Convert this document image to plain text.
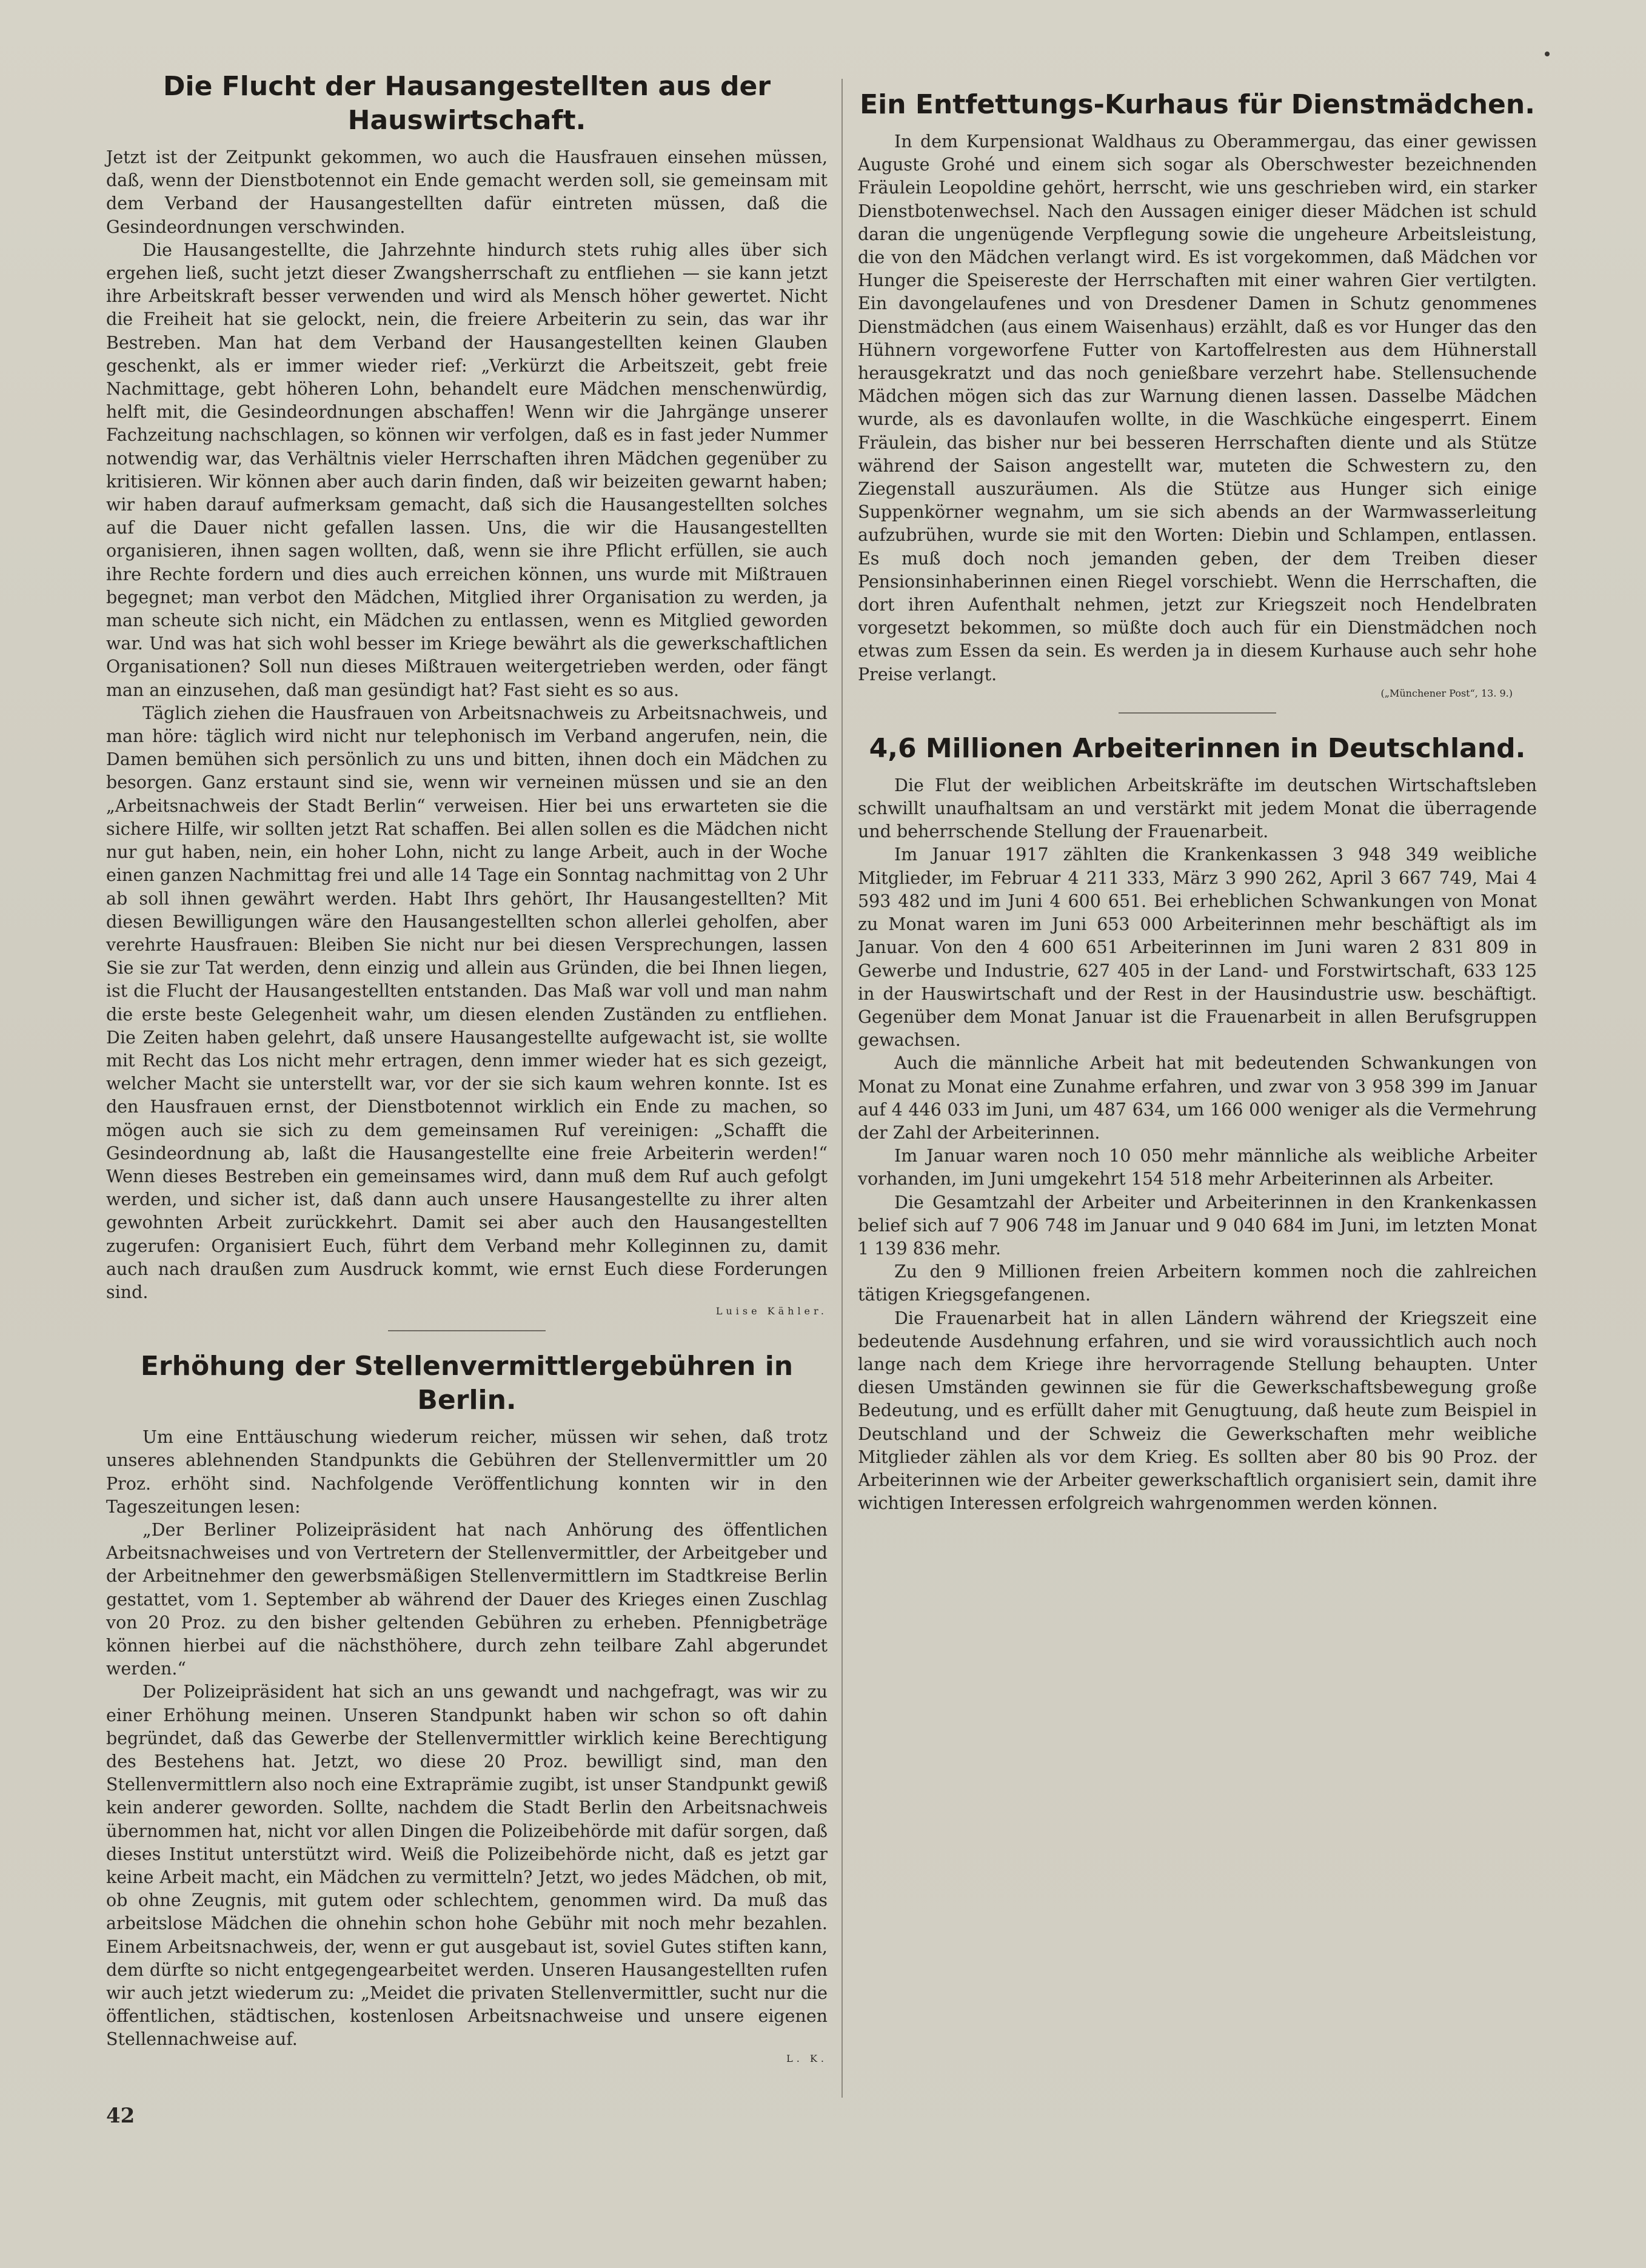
Die Flucht der Hausangestellten aus der Hauswirtschaft.

Jetzt ist der Zeitpunkt gekommen, wo auch die Hausfrauen einsehen müssen, daß, wenn der Dienstbotennot ein Ende gemacht werden soll, sie gemeinsam mit dem Verband der Hausangestellten dafür eintreten müssen, daß die Gesindeordnungen verschwinden.

Die Hausangestellte, die Jahrzehnte hindurch stets ruhig alles über sich ergehen ließ, sucht jetzt dieser Zwangsherrschaft zu entfliehen — sie kann jetzt ihre Arbeitskraft besser verwenden und wird als Mensch höher gewertet. Nicht die Freiheit hat sie gelockt, nein, die freiere Arbeiterin zu sein, das war ihr Bestreben. Man hat dem Verband der Hausangestellten keinen Glauben geschenkt, als er immer wieder rief: „Verkürzt die Arbeitszeit, gebt freie Nachmittage, gebt höheren Lohn, behandelt eure Mädchen menschenwürdig, helft mit, die Gesindeordnungen abschaffen! Wenn wir die Jahrgänge unserer Fachzeitung nachschlagen, so können wir verfolgen, daß es in fast jeder Nummer notwendig war, das Verhältnis vieler Herrschaften ihren Mädchen gegenüber zu kritisieren. Wir können aber auch darin finden, daß wir beizeiten gewarnt haben; wir haben darauf aufmerksam gemacht, daß sich die Hausangestellten solches auf die Dauer nicht gefallen lassen. Uns, die wir die Hausangestellten organisieren, ihnen sagen wollten, daß, wenn sie ihre Pflicht erfüllen, sie auch ihre Rechte fordern und dies auch erreichen können, uns wurde mit Mißtrauen begegnet; man verbot den Mädchen, Mitglied ihrer Organisation zu werden, ja man scheute sich nicht, ein Mädchen zu entlassen, wenn es Mitglied geworden war. Und was hat sich wohl besser im Kriege bewährt als die gewerkschaftlichen Organisationen? Soll nun dieses Mißtrauen weitergetrieben werden, oder fängt man an einzusehen, daß man gesündigt hat? Fast sieht es so aus.

Täglich ziehen die Hausfrauen von Arbeitsnachweis zu Arbeitsnachweis, und man höre: täglich wird nicht nur telephonisch im Verband angerufen, nein, die Damen bemühen sich persönlich zu uns und bitten, ihnen doch ein Mädchen zu besorgen. Ganz erstaunt sind sie, wenn wir verneinen müssen und sie an den „Arbeitsnachweis der Stadt Berlin“ verweisen. Hier bei uns erwarteten sie die sichere Hilfe, wir sollten jetzt Rat schaffen. Bei allen sollen es die Mädchen nicht nur gut haben, nein, ein hoher Lohn, nicht zu lange Arbeit, auch in der Woche einen ganzen Nachmittag frei und alle 14 Tage ein Sonntag nachmittag von 2 Uhr ab soll ihnen gewährt werden. Habt Ihrs gehört, Ihr Hausangestellten? Mit diesen Bewilligungen wäre den Hausangestellten schon allerlei geholfen, aber verehrte Hausfrauen: Bleiben Sie nicht nur bei diesen Versprechungen, lassen Sie sie zur Tat werden, denn einzig und allein aus Gründen, die bei Ihnen liegen, ist die Flucht der Hausangestellten entstanden. Das Maß war voll und man nahm die erste beste Gelegenheit wahr, um diesen elenden Zuständen zu entfliehen. Die Zeiten haben gelehrt, daß unsere Hausangestellte aufgewacht ist, sie wollte mit Recht das Los nicht mehr ertragen, denn immer wieder hat es sich gezeigt, welcher Macht sie unterstellt war, vor der sie sich kaum wehren konnte. Ist es den Hausfrauen ernst, der Dienstbotennot wirklich ein Ende zu machen, so mögen auch sie sich zu dem gemeinsamen Ruf vereinigen: „Schafft die Gesindeordnung ab, laßt die Hausangestellte eine freie Arbeiterin werden!“ Wenn dieses Bestreben ein gemeinsames wird, dann muß dem Ruf auch gefolgt werden, und sicher ist, daß dann auch unsere Hausangestellte zu ihrer alten gewohnten Arbeit zurückkehrt. Damit sei aber auch den Hausangestellten zugerufen: Organisiert Euch, führt dem Verband mehr Kolleginnen zu, damit auch nach draußen zum Ausdruck kommt, wie ernst Euch diese Forderungen sind.

Luise Kähler.
Erhöhung der Stellenvermittlergebühren in Berlin.

Um eine Enttäuschung wiederum reicher, müssen wir sehen, daß trotz unseres ablehnenden Standpunkts die Gebühren der Stellenvermittler um 20 Proz. erhöht sind. Nachfolgende Veröffentlichung konnten wir in den Tageszeitungen lesen:

„Der Berliner Polizeipräsident hat nach Anhörung des öffentlichen Arbeitsnachweises und von Vertretern der Stellenvermittler, der Arbeitgeber und der Arbeitnehmer den gewerbsmäßigen Stellenvermittlern im Stadtkreise Berlin gestattet, vom 1. September ab während der Dauer des Krieges einen Zuschlag von 20 Proz. zu den bisher geltenden Gebühren zu erheben. Pfennigbeträge können hierbei auf die nächsthöhere, durch zehn teilbare Zahl abgerundet werden.“

Der Polizeipräsident hat sich an uns gewandt und nachgefragt, was wir zu einer Erhöhung meinen. Unseren Standpunkt haben wir schon so oft dahin begründet, daß das Gewerbe der Stellenvermittler wirklich keine Berechtigung des Bestehens hat. Jetzt, wo diese 20 Proz. bewilligt sind, man den Stellenvermittlern also noch eine Extraprämie zugibt, ist unser Standpunkt gewiß kein anderer geworden. Sollte, nachdem die Stadt Berlin den Arbeitsnachweis übernommen hat, nicht vor allen Dingen die Polizeibehörde mit dafür sorgen, daß dieses Institut unterstützt wird. Weiß die Polizeibehörde nicht, daß es jetzt gar keine Arbeit macht, ein Mädchen zu vermitteln? Jetzt, wo jedes Mädchen, ob mit, ob ohne Zeugnis, mit gutem oder schlechtem, genommen wird. Da muß das arbeitslose Mädchen die ohnehin schon hohe Gebühr mit noch mehr bezahlen. Einem Arbeitsnachweis, der, wenn er gut ausgebaut ist, soviel Gutes stiften kann, dem dürfte so nicht entgegengearbeitet werden. Unseren Hausangestellten rufen wir auch jetzt wiederum zu: „Meidet die privaten Stellenvermittler, sucht nur die öffentlichen, städtischen, kostenlosen Arbeitsnachweise und unsere eigenen Stellennachweise auf.

L. K.
Ein Entfettungs-Kurhaus für Dienstmädchen.

In dem Kurpensionat Waldhaus zu Oberammergau, das einer gewissen Auguste Grohé und einem sich sogar als Oberschwester bezeichnenden Fräulein Leopoldine gehört, herrscht, wie uns geschrieben wird, ein starker Dienstbotenwechsel. Nach den Aussagen einiger dieser Mädchen ist schuld daran die ungenügende Verpflegung sowie die ungeheure Arbeitsleistung, die von den Mädchen verlangt wird. Es ist vorgekommen, daß Mädchen vor Hunger die Speisereste der Herrschaften mit einer wahren Gier vertilgten. Ein davongelaufenes und von Dresdener Damen in Schutz genommenes Dienstmädchen (aus einem Waisenhaus) erzählt, daß es vor Hunger das den Hühnern vorgeworfene Futter von Kartoffelresten aus dem Hühnerstall herausgekratzt und das noch genießbare verzehrt habe. Stellensuchende Mädchen mögen sich das zur Warnung dienen lassen. Dasselbe Mädchen wurde, als es davonlaufen wollte, in die Waschküche eingesperrt. Einem Fräulein, das bisher nur bei besseren Herrschaften diente und als Stütze während der Saison angestellt war, muteten die Schwestern zu, den Ziegenstall auszuräumen. Als die Stütze aus Hunger sich einige Suppenkörner wegnahm, um sie sich abends an der Warmwasserleitung aufzubrühen, wurde sie mit den Worten: Diebin und Schlampen, entlassen. Es muß doch noch jemanden geben, der dem Treiben dieser Pensionsinhaberinnen einen Riegel vorschiebt. Wenn die Herrschaften, die dort ihren Aufenthalt nehmen, jetzt zur Kriegszeit noch Hendelbraten vorgesetzt bekommen, so müßte doch auch für ein Dienstmädchen noch etwas zum Essen da sein. Es werden ja in diesem Kurhause auch sehr hohe Preise verlangt.

(„Münchener Post“, 13. 9.)
4,6 Millionen Arbeiterinnen in Deutschland.

Die Flut der weiblichen Arbeitskräfte im deutschen Wirtschaftsleben schwillt unaufhaltsam an und verstärkt mit jedem Monat die überragende und beherrschende Stellung der Frauenarbeit.

Im Januar 1917 zählten die Krankenkassen 3 948 349 weibliche Mitglieder, im Februar 4 211 333, März 3 990 262, April 3 667 749, Mai 4 593 482 und im Juni 4 600 651. Bei erheblichen Schwankungen von Monat zu Monat waren im Juni 653 000 Arbeiterinnen mehr beschäftigt als im Januar. Von den 4 600 651 Arbeiterinnen im Juni waren 2 831 809 in Gewerbe und Industrie, 627 405 in der Land- und Forstwirtschaft, 633 125 in der Hauswirtschaft und der Rest in der Hausindustrie usw. beschäftigt. Gegenüber dem Monat Januar ist die Frauenarbeit in allen Berufsgruppen gewachsen.

Auch die männliche Arbeit hat mit bedeutenden Schwankungen von Monat zu Monat eine Zunahme erfahren, und zwar von 3 958 399 im Januar auf 4 446 033 im Juni, um 487 634, um 166 000 weniger als die Vermehrung der Zahl der Arbeiterinnen.

Im Januar waren noch 10 050 mehr männliche als weibliche Arbeiter vorhanden, im Juni umgekehrt 154 518 mehr Arbeiterinnen als Arbeiter.

Die Gesamtzahl der Arbeiter und Arbeiterinnen in den Krankenkassen belief sich auf 7 906 748 im Januar und 9 040 684 im Juni, im letzten Monat 1 139 836 mehr.

Zu den 9 Millionen freien Arbeitern kommen noch die zahlreichen tätigen Kriegsgefangenen.

Die Frauenarbeit hat in allen Ländern während der Kriegszeit eine bedeutende Ausdehnung erfahren, und sie wird voraussichtlich auch noch lange nach dem Kriege ihre hervorragende Stellung behaupten. Unter diesen Umständen gewinnen sie für die Gewerkschaftsbewegung große Bedeutung, und es erfüllt daher mit Genugtuung, daß heute zum Beispiel in Deutschland und der Schweiz die Gewerkschaften mehr weibliche Mitglieder zählen als vor dem Krieg. Es sollten aber 80 bis 90 Proz. der Arbeiterinnen wie der Arbeiter gewerkschaftlich organisiert sein, damit ihre wichtigen Interessen erfolgreich wahrgenommen werden können.

42
